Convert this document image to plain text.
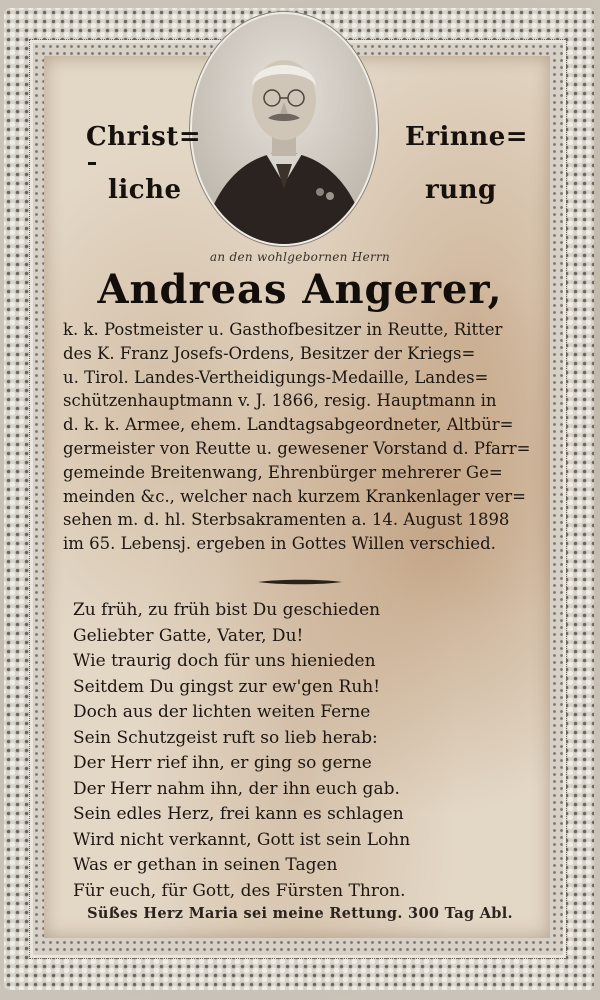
Christ=
liche
Erinne=
rung
an den wohlgebornen Herrn
Andreas Angerer,
k. k. Postmeister u. Gasthofbesitzer in Reutte, Ritter
des K. Franz Josefs-Ordens, Besitzer der Kriegs=
u. Tirol. Landes-Vertheidigungs-Medaille, Landes=
schützenhauptmann v. J. 1866, resig. Hauptmann in
d. k. k. Armee, ehem. Landtagsabgeordneter, Altbür=
germeister von Reutte u. gewesener Vorstand d. Pfarr=
gemeinde Breitenwang, Ehrenbürger mehrerer Ge=
meinden &c., welcher nach kurzem Krankenlager ver=
sehen m. d. hl. Sterbsakramenten a. 14. August 1898
im 65. Lebensj. ergeben in Gottes Willen verschied.
Zu früh, zu früh bist Du geschieden
Geliebter Gatte, Vater, Du!
Wie traurig doch für uns hienieden
Seitdem Du gingst zur ew'gen Ruh!
Doch aus der lichten weiten Ferne
Sein Schutzgeist ruft so lieb herab:
Der Herr rief ihn, er ging so gerne
Der Herr nahm ihn, der ihn euch gab.
Sein edles Herz, frei kann es schlagen
Wird nicht verkannt, Gott ist sein Lohn
Was er gethan in seinen Tagen
Für euch, für Gott, des Fürsten Thron.
Süßes Herz Maria sei meine Rettung. 300 Tag Abl.
